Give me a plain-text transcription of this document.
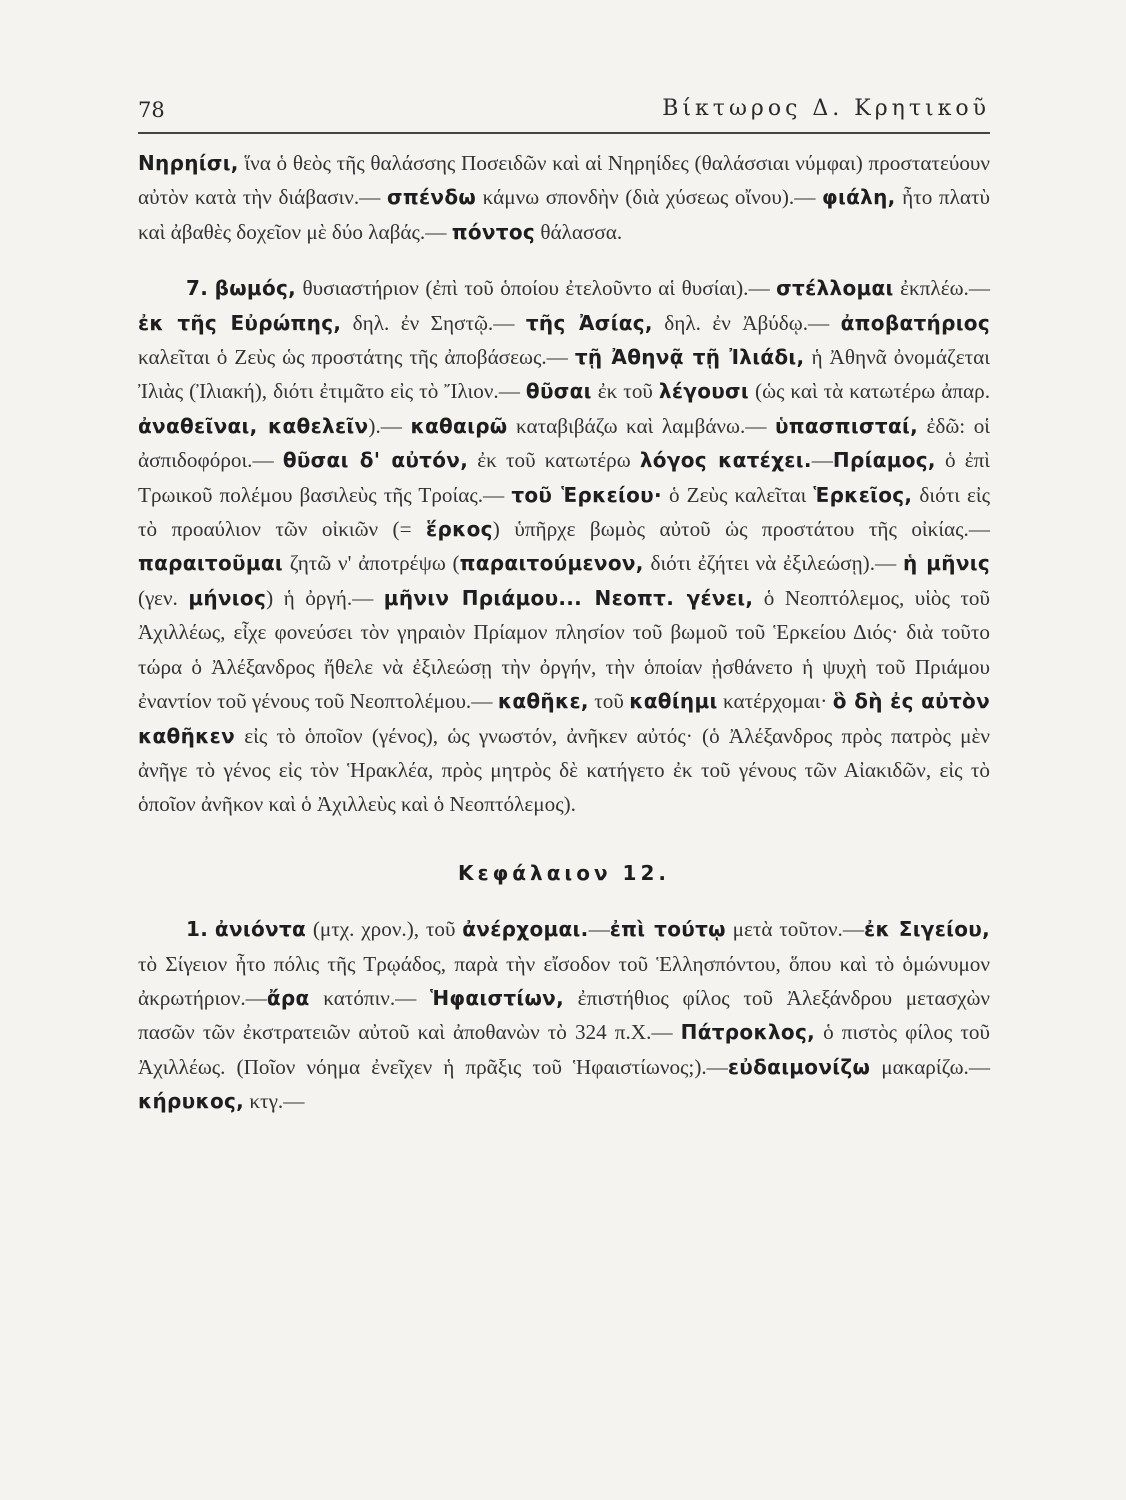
78	Βίκτωρος Δ. Κρητικοῦ

Νηρηίσι, ἵνα ὁ θεὸς τῆς θαλάσσης Ποσειδῶν καὶ αἱ Νηρηίδες (θαλάσσιαι νύμφαι) προστατεύουν αὐτὸν κατὰ τὴν διάβασιν.— σπένδω κάμνω σπονδὴν (διὰ χύσεως οἴνου).— φιάλη, ἦτο πλατὺ καὶ ἀβαθὲς δοχεῖον μὲ δύο λαβάς.— πόντος θάλασσα.

7. βωμός, θυσιαστήριον (ἐπὶ τοῦ ὁποίου ἐτελοῦντο αἱ θυσίαι).— στέλλομαι ἐκπλέω.— ἐκ τῆς Εὐρώπης, δηλ. ἐν Σηστῷ.— τῆς Ἀσίας, δηλ. ἐν Ἀβύδῳ.— ἀποβατήριος καλεῖται ὁ Ζεὺς ὡς προστάτης τῆς ἀποβάσεως.— τῇ Ἀθηνᾷ τῇ Ἰλιάδι, ἡ Ἀθηνᾶ ὀνομάζεται Ἰλιὰς (Ἰλιακή), διότι ἐτιμᾶτο εἰς τὸ Ἴλιον.— θῦσαι ἐκ τοῦ λέγουσι (ὡς καὶ τὰ κατωτέρω ἀπαρ. ἀναθεῖναι, καθελεῖν).— καθαιρῶ καταβιβάζω καὶ λαμβάνω.— ὑπασπισταί, ἐδῶ: οἱ ἀσπιδοφόροι.— θῦσαι δ' αὐτόν, ἐκ τοῦ κατωτέρω λόγος κατέχει.—Πρίαμος, ὁ ἐπὶ Τρωικοῦ πολέμου βασιλεὺς τῆς Τροίας.— τοῦ Ἑρκείου· ὁ Ζεὺς καλεῖται Ἑρκεῖος, διότι εἰς τὸ προαύλιον τῶν οἰκιῶν (= ἕρκος) ὑπῆρχε βωμὸς αὐτοῦ ὡς προστάτου τῆς οἰκίας.— παραιτοῦμαι ζητῶ ν' ἀποτρέψω (παραιτούμενον, διότι ἐζήτει νὰ ἐξιλεώσῃ).— ἡ μῆνις (γεν. μήνιος) ἡ ὀργή.— μῆνιν Πριάμου... Νεοπτ. γένει, ὁ Νεοπτόλεμος, υἱὸς τοῦ Ἀχιλλέως, εἶχε φονεύσει τὸν γηραιὸν Πρίαμον πλησίον τοῦ βωμοῦ τοῦ Ἑρκείου Διός· διὰ τοῦτο τώρα ὁ Ἀλέξανδρος ἤθελε νὰ ἐξιλεώσῃ τὴν ὀργήν, τὴν ὁποίαν ᾐσθάνετο ἡ ψυχὴ τοῦ Πριάμου ἐναντίον τοῦ γένους τοῦ Νεοπτολέμου.— καθῆκε, τοῦ καθίημι κατέρχομαι· ὃ δὴ ἐς αὐτὸν καθῆκεν εἰς τὸ ὁποῖον (γένος), ὡς γνωστόν, ἀνῆκεν αὐτός· (ὁ Ἀλέξανδρος πρὸς πατρὸς μὲν ἀνῆγε τὸ γένος εἰς τὸν Ἡρακλέα, πρὸς μητρὸς δὲ κατήγετο ἐκ τοῦ γένους τῶν Αἰακιδῶν, εἰς τὸ ὁποῖον ἀνῆκον καὶ ὁ Ἀχιλλεὺς καὶ ὁ Νεοπτόλεμος).

Κεφάλαιον 12.

1. ἀνιόντα (μτχ. χρον.), τοῦ ἀνέρχομαι.—ἐπὶ τούτῳ μετὰ τοῦτον.—ἐκ Σιγείου, τὸ Σίγειον ἦτο πόλις τῆς Τρῳάδος, παρὰ τὴν εἴσοδον τοῦ Ἑλλησπόντου, ὅπου καὶ τὸ ὁμώνυμον ἀκρωτήριον.—ἄρα κατόπιν.— Ἡφαιστίων, ἐπιστήθιος φίλος τοῦ Ἀλεξάνδρου μετασχὼν πασῶν τῶν ἐκστρατειῶν αὐτοῦ καὶ ἀποθανὼν τὸ 324 π.Χ.— Πάτροκλος, ὁ πιστὸς φίλος τοῦ Ἀχιλλέως. (Ποῖον νόημα ἐνεῖχεν ἡ πρᾶξις τοῦ Ἡφαιστίωνος;).—εὐδαιμονίζω μακαρίζω.— κήρυκος, κτγ.—
